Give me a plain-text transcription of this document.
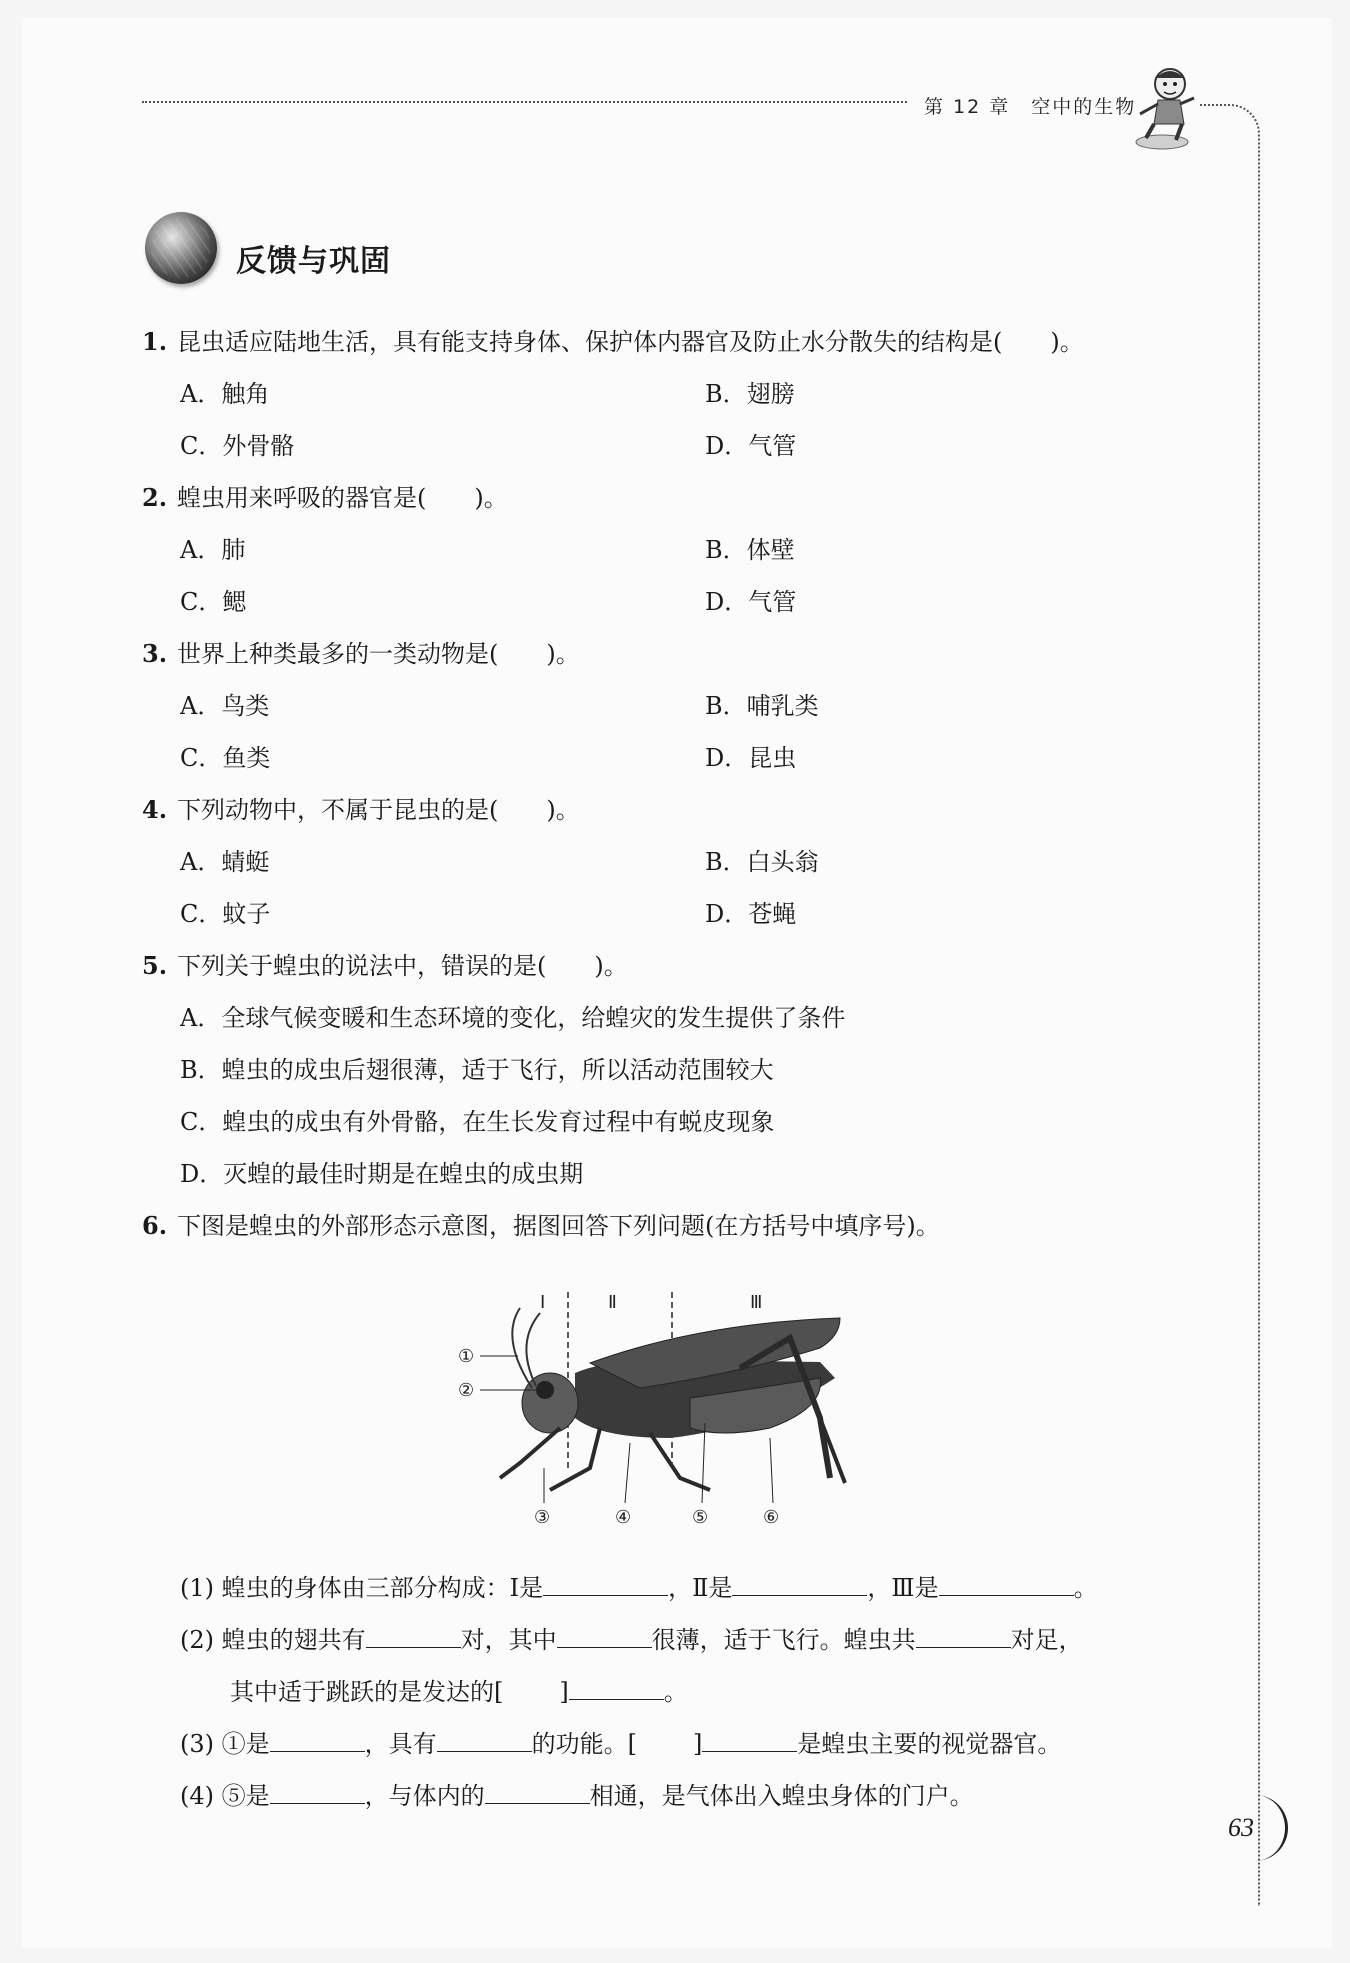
第 12 章　空中的生物
63
反馈与巩固
1. 昆虫适应陆地生活，具有能支持身体、保护体内器官及防止水分散失的结构是(　　)。
A．触角	B．翅膀
C．外骨骼	D．气管
2. 蝗虫用来呼吸的器官是(　　)。
A．肺	B．体壁
C．鳃	D．气管
3. 世界上种类最多的一类动物是(　　)。
A．鸟类	B．哺乳类
C．鱼类	D．昆虫
4. 下列动物中，不属于昆虫的是(　　)。
A．蜻蜓	B．白头翁
C．蚊子	D．苍蝇
5. 下列关于蝗虫的说法中，错误的是(　　)。
A．全球气候变暖和生态环境的变化，给蝗灾的发生提供了条件
B．蝗虫的成虫后翅很薄，适于飞行，所以活动范围较大
C．蝗虫的成虫有外骨骼，在生长发育过程中有蜕皮现象
D．灭蝗的最佳时期是在蝗虫的成虫期
6. 下图是蝗虫的外部形态示意图，据图回答下列问题(在方括号中填序号)。
Ⅰ	Ⅱ	Ⅲ
①
②
③	④	⑤	⑥
(1) 蝗虫的身体由三部分构成：Ⅰ是	，Ⅱ是	，Ⅲ是	。
(2) 蝗虫的翅共有	对，其中	很薄，适于飞行。蝗虫共	对足，
其中适于跳跃的是发达的[ ]	。
(3) ①是	，具有	的功能。[ ]	是蝗虫主要的视觉器官。
(4) ⑤是	，与体内的	相通，是气体出入蝗虫身体的门户。
